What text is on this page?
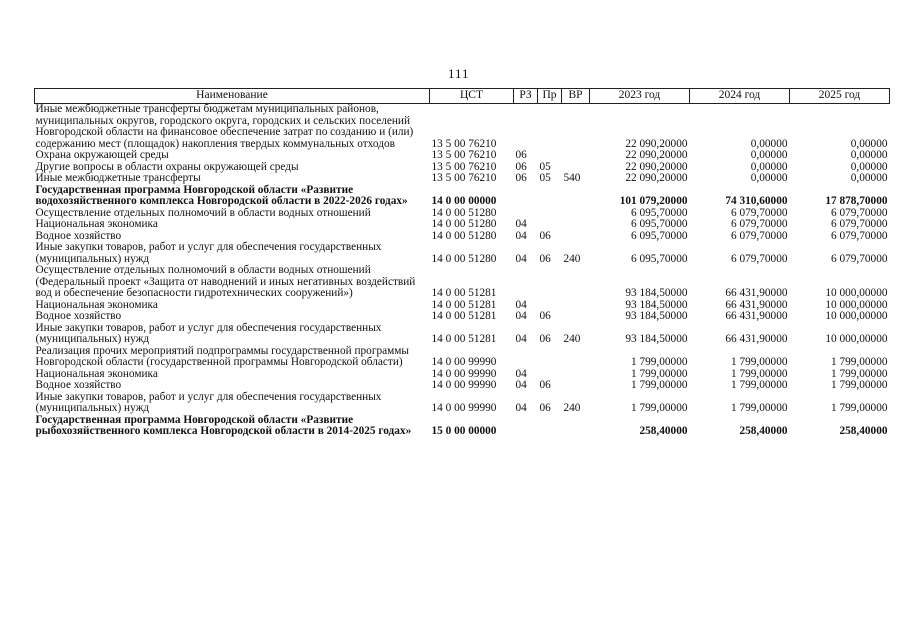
111
Наименование	ЦСТ	РЗ	Пр	ВР	2023 год	2024 год	2025 год
Иные межбюджетные трансферты бюджетам муниципальных районов, муниципальных округов, городского округа, городских и сельских поселений Новгородской области на финансовое обеспечение затрат по созданию и (или) содержанию мест (площадок) накопления твердых коммунальных отходов	13 5 00 76210				22 090,20000	0,00000	0,00000
Охрана окружающей среды	13 5 00 76210	06			22 090,20000	0,00000	0,00000
Другие вопросы в области охраны окружающей среды	13 5 00 76210	06	05		22 090,20000	0,00000	0,00000
Иные межбюджетные трансферты	13 5 00 76210	06	05	540	22 090,20000	0,00000	0,00000
Государственная программа Новгородской области «Развитие водохозяйственного комплекса Новгородской области в 2022-2026 годах»	14 0 00 00000				101 079,20000	74 310,60000	17 878,70000
Осуществление отдельных полномочий в области водных отношений	14 0 00 51280				6 095,70000	6 079,70000	6 079,70000
Национальная экономика	14 0 00 51280	04			6 095,70000	6 079,70000	6 079,70000
Водное хозяйство	14 0 00 51280	04	06		6 095,70000	6 079,70000	6 079,70000
Иные закупки товаров, работ и услуг для обеспечения государственных (муниципальных) нужд	14 0 00 51280	04	06	240	6 095,70000	6 079,70000	6 079,70000
Осуществление отдельных полномочий в области водных отношений (Федеральный проект «Защита от наводнений и иных негативных воздействий вод и обеспечение безопасности гидротехнических сооружений»)	14 0 00 51281				93 184,50000	66 431,90000	10 000,00000
Национальная экономика	14 0 00 51281	04			93 184,50000	66 431,90000	10 000,00000
Водное хозяйство	14 0 00 51281	04	06		93 184,50000	66 431,90000	10 000,00000
Иные закупки товаров, работ и услуг для обеспечения государственных (муниципальных) нужд	14 0 00 51281	04	06	240	93 184,50000	66 431,90000	10 000,00000
Реализация прочих мероприятий подпрограммы государственной программы Новгородской области (государственной программы Новгородской области)	14 0 00 99990				1 799,00000	1 799,00000	1 799,00000
Национальная экономика	14 0 00 99990	04			1 799,00000	1 799,00000	1 799,00000
Водное хозяйство	14 0 00 99990	04	06		1 799,00000	1 799,00000	1 799,00000
Иные закупки товаров, работ и услуг для обеспечения государственных (муниципальных) нужд	14 0 00 99990	04	06	240	1 799,00000	1 799,00000	1 799,00000
Государственная программа Новгородской области «Развитие рыбохозяйственного комплекса Новгородской области в 2014-2025 годах»	15 0 00 00000				258,40000	258,40000	258,40000
